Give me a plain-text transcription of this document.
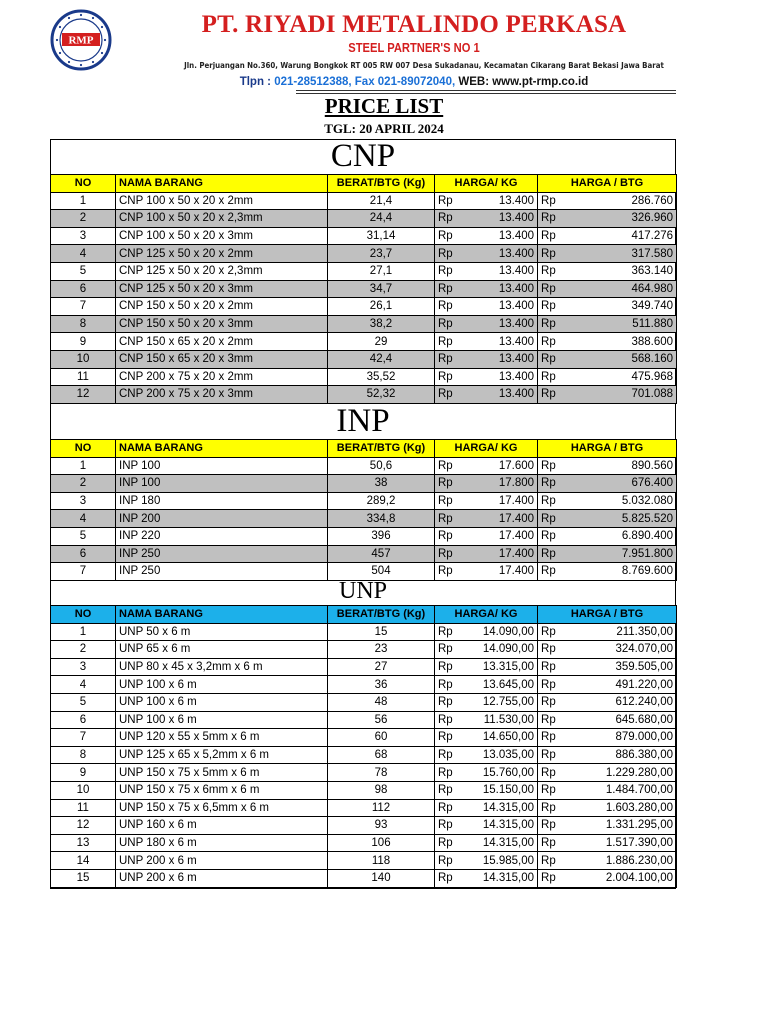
RMP
PT. RIYADI METALINDO PERKASA
STEEL PARTNER'S NO 1
Jln. Perjuangan No.360, Warung Bongkok RT 005 RW 007 Desa Sukadanau, Kecamatan Cikarang Barat Bekasi Jawa Barat
Tlpn : 021-28512388, Fax 021-89072040, WEB: www.pt-rmp.co.id
PRICE LIST
TGL: 20 APRIL 2024
CNP
NO	NAMA BARANG	BERAT/BTG (Kg)	HARGA/ KG		HARGA / BTG	
1	CNP 100 x 50 x 20 x 2mm	21,4	Rp	13.400	Rp	286.760
2	CNP 100 x 50 x 20 x 2,3mm	24,4	Rp	13.400	Rp	326.960
3	CNP 100 x 50 x 20 x 3mm	31,14	Rp	13.400	Rp	417.276
4	CNP 125 x 50 x 20 x 2mm	23,7	Rp	13.400	Rp	317.580
5	CNP 125 x 50 x 20 x 2,3mm	27,1	Rp	13.400	Rp	363.140
6	CNP 125 x 50 x 20 x 3mm	34,7	Rp	13.400	Rp	464.980
7	CNP 150 x 50 x 20 x 2mm	26,1	Rp	13.400	Rp	349.740
8	CNP 150 x 50 x 20 x 3mm	38,2	Rp	13.400	Rp	511.880
9	CNP 150 x 65 x 20 x 2mm	29	Rp	13.400	Rp	388.600
10	CNP 150 x 65 x 20 x 3mm	42,4	Rp	13.400	Rp	568.160
11	CNP 200 x 75 x 20 x 2mm	35,52	Rp	13.400	Rp	475.968
12	CNP 200 x 75 x 20 x 3mm	52,32	Rp	13.400	Rp	701.088
INP
NO	NAMA BARANG	BERAT/BTG (Kg)	HARGA/ KG		HARGA / BTG	
1	INP 100	50,6	Rp	17.600	Rp	890.560
2	INP 100	38	Rp	17.800	Rp	676.400
3	INP 180	289,2	Rp	17.400	Rp	5.032.080
4	INP 200	334,8	Rp	17.400	Rp	5.825.520
5	INP 220	396	Rp	17.400	Rp	6.890.400
6	INP 250	457	Rp	17.400	Rp	7.951.800
7	INP 250	504	Rp	17.400	Rp	8.769.600
UNP
NO	NAMA BARANG	BERAT/BTG (Kg)	HARGA/ KG		HARGA / BTG	
1	UNP 50 x 6 m	15	Rp	14.090,00	Rp	211.350,00
2	UNP 65 x 6 m	23	Rp	14.090,00	Rp	324.070,00
3	UNP 80 x 45 x 3,2mm x 6 m	27	Rp	13.315,00	Rp	359.505,00
4	UNP 100 x 6 m	36	Rp	13.645,00	Rp	491.220,00
5	UNP 100 x 6 m	48	Rp	12.755,00	Rp	612.240,00
6	UNP 100 x 6 m	56	Rp	11.530,00	Rp	645.680,00
7	UNP 120 x 55 x 5mm x 6 m	60	Rp	14.650,00	Rp	879.000,00
8	UNP 125 x 65 x 5,2mm x 6 m	68	Rp	13.035,00	Rp	886.380,00
9	UNP 150 x 75 x 5mm x 6 m	78	Rp	15.760,00	Rp	1.229.280,00
10	UNP 150 x 75 x 6mm x 6 m	98	Rp	15.150,00	Rp	1.484.700,00
11	UNP 150 x 75 x 6,5mm x 6 m	112	Rp	14.315,00	Rp	1.603.280,00
12	UNP 160 x 6 m	93	Rp	14.315,00	Rp	1.331.295,00
13	UNP 180 x 6 m	106	Rp	14.315,00	Rp	1.517.390,00
14	UNP 200 x 6 m	118	Rp	15.985,00	Rp	1.886.230,00
15	UNP 200 x 6 m	140	Rp	14.315,00	Rp	2.004.100,00
